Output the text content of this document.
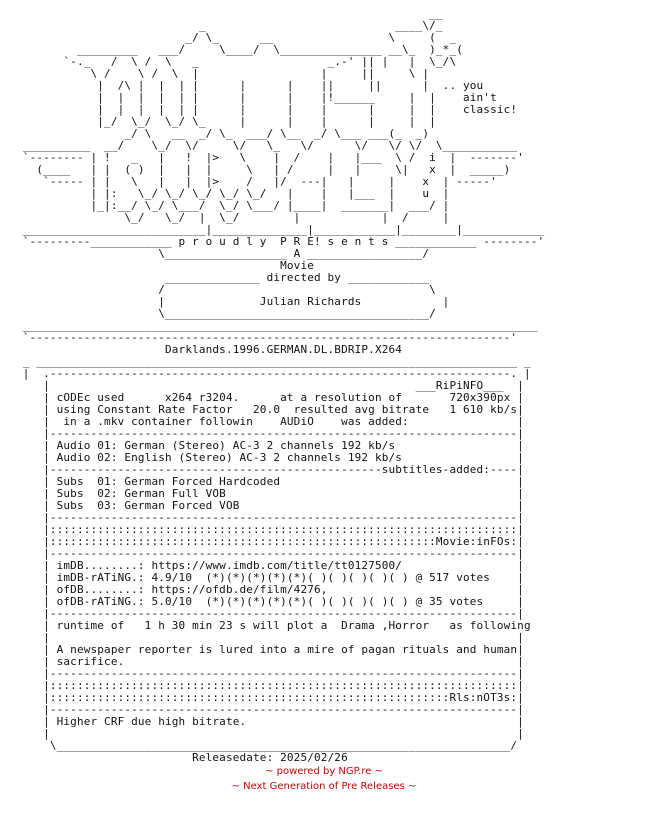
__
_                            ____\/_
_/ \_      __                 \     (  _
_________   ___/     \____/  \_______________ __\_  )_*_(
`-._   /  \ /  \   _                   _.-' || |   |  \_/\
\ /    \ /  \  |                  |     ||     \ |
|  /\ |  |  | |      |      |    ||     ||      |  .. you
|  |  |  |  | |      |      |    |!______     |  |    ain't
|  |  |  |  | |      |      |    |      |     |  |    classic!
|_/  \_/  \_/ \_     |      |    |      |     |  |
_/ \   __  _/ \_  ___/ \__  _/ \___ ___(_  _)
__________  __/    \_/  \/     \/   \_   \/      \/   \/ \/  \___________
`-------- | !   _   |   !  |>   \    |  /    |   |___  \ /  i  |  -------'
(____   | |  ( )  |   |  |     \   | /     |   |     \|   x  |  _____)
`----- | |   \   |   |  |>    /   |/  ---|   |     |    x  | -----'
| |:   \_/ \_/ \_/ \_/ \_/   |    |   |___  |    u  |
|_|:__/ \_/ \___/  \_/ \___/ |____|  _______|  ___/ |
\_/   \_/  |  \_/        |            |  /     |
___________________________|______________|____________|________|____________
`---------____________ p r o u d l y  P R E! s e n t s ____________ --------'
\__________________ A _________________/
Movie
______________ directed by ____________
/                                       \
|              Julian Richards            |
\_______________________________________/
____________________________________________________________________________
`-----------------------------------------------------------------------'
Darklands.1996.GERMAN.DL.BDRIP.X264
_ _______________________________________________________________________ _
|  .--------------------------------------------------------------------. |
|                                                      ___RiPiNFO___  |
| cODEc used      x264 r3204.      at a resolution of       720x390px |
| using Constant Rate Factor   20.0  resulted avg bitrate   1 610 kb/s|
|  in a .mkv container followin    AUDiO    was added:                |
|---------------------------------------------------------------------|
| Audio 01: German (Stereo) AC-3 2 channels 192 kb/s                  |
| Audio 02: English (Stereo) AC-3 2 channels 192 kb/s                 |
|-------------------------------------------------subtitles-added:----|
| Subs  01: German Forced Hardcoded                                   |
| Subs  02: German Full VOB                                           |
| Subs  03: German Forced VOB                                         |
|---------------------------------------------------------------------|
|:::::::::::::::::::::::::::::::::::::::::::::::::::::::::::::::::::::|
|:::::::::::::::::::::::::::::::::::::::::::::::::::::::::Movie:inFOs:|
|---------------------------------------------------------------------|
| imDB........: https://www.imdb.com/title/tt0127500/                 |
| imDB-rATiNG.: 4.9/10  (*)(*)(*)(*)(*)( )( )( )( )( ) @ 517 votes    |
| ofDB........: https://ofdb.de/film/4276,                            |
| ofDB-rATiNG.: 5.0/10  (*)(*)(*)(*)(*)( )( )( )( )( ) @ 35 votes     |
|---------------------------------------------------------------------|
| runtime of   1 h 30 min 23 s will plot a  Drama ,Horror   as following
|                                                                     |
| A newspaper reporter is lured into a mire of pagan rituals and human|
| sacrifice.                                                          |
|---------------------------------------------------------------------|
|:::::::::::::::::::::::::::::::::::::::::::::::::::::::::::::::::::::|
|:::::::::::::::::::::::::::::::::::::::::::::::::::::::::::Rls:nOT3s:|
|---------------------------------------------------------------------|
| Higher CRF due high bitrate.                                        |
|                                                                     |
\___________________________________________________________________/
Releasedate: 2025/02/26

~ powered by NGP.re ~
~ Next Generation of Pre Releases ~
